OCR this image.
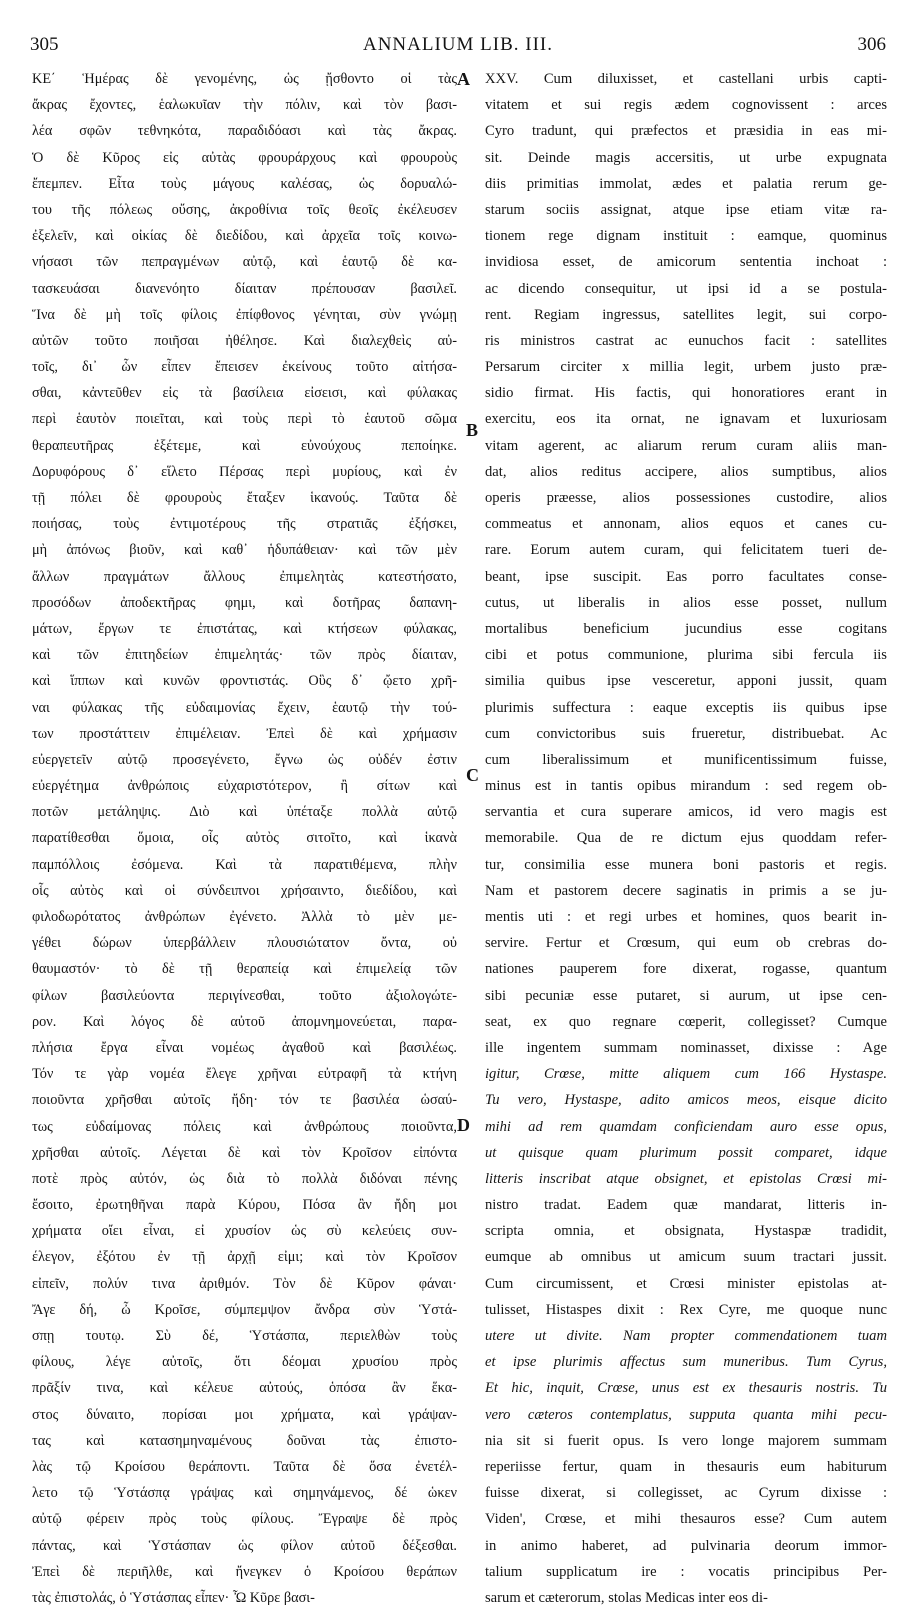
305	ANNALIUM LIB. III.	306
ΚΕ΄ Ἡμέρας δὲ γενομένης, ὡς ᾔσθοντο οἱ τὰς
ἄκρας ἔχοντες, ἑαλωκυῖαν τὴν πόλιν, καὶ τὸν βασι-
λέα σφῶν τεθνηκότα, παραδιδόασι καὶ τὰς ἄκρας.
Ὁ δὲ Κῦρος εἰς αὐτὰς φρουράρχους καὶ φρουροὺς
ἔπεμπεν. Εἶτα τοὺς μάγους καλέσας, ὡς δορυαλώ-
του τῆς πόλεως οὔσης, ἀκροθίνια τοῖς θεοῖς ἐκέλευσεν
ἐξελεῖν, καὶ οἰκίας δὲ διεδίδου, καὶ ἀρχεῖα τοῖς κοινω-
νήσασι τῶν πεπραγμένων αὐτῷ, καὶ ἑαυτῷ δὲ κα-
τασκευάσαι διανενόητο δίαιταν πρέπουσαν βασιλεῖ.
Ἵνα δὲ μὴ τοῖς φίλοις ἐπίφθονος γένηται, σὺν γνώμῃ
αὐτῶν τοῦτο ποιῆσαι ἠθέλησε. Καὶ διαλεχθεὶς αὐ-
τοῖς, δι᾽ ὧν εἶπεν ἔπεισεν ἐκείνους τοῦτο αἰτήσα-
σθαι, κἀντεῦθεν εἰς τὰ βασίλεια εἰσεισι, καὶ φύλακας
περὶ ἑαυτὸν ποιεῖται, καὶ τοὺς περὶ τὸ ἑαυτοῦ σῶμα
θεραπευτῆρας ἐξέτεμε, καὶ εὐνούχους πεποίηκε.
Δορυφόρους δ᾽ εἵλετο Πέρσας περὶ μυρίους, καὶ ἐν
τῇ πόλει δὲ φρουροὺς ἔταξεν ἱκανούς. Ταῦτα δὲ
ποιήσας, τοὺς ἐντιμοτέρους τῆς στρατιᾶς ἐξήσκει,
μὴ ἀπόνως βιοῦν, καὶ καθ᾽ ἡδυπάθειαν· καὶ τῶν μὲν
ἄλλων πραγμάτων ἄλλους ἐπιμελητὰς κατεστήσατο,
προσόδων ἀποδεκτῆρας φημι, καὶ δοτῆρας δαπανη-
μάτων, ἔργων τε ἐπιστάτας, καὶ κτήσεων φύλακας,
καὶ τῶν ἐπιτηδείων ἐπιμελητάς· τῶν πρὸς δίαιταν,
καὶ ἵππων καὶ κυνῶν φροντιστάς. Οὓς δ᾽ ᾤετο χρῆ-
ναι φύλακας τῆς εὐδαιμονίας ἔχειν, ἑαυτῷ τὴν τού-
των προστάττειν ἐπιμέλειαν. Ἐπεὶ δὲ καὶ χρήμασιν
εὐεργετεῖν αὐτῷ προσεγένετο, ἔγνω ὡς οὐδέν ἐστιν
εὐεργέτημα ἀνθρώποις εὐχαριστότερον, ἢ σίτων καὶ
ποτῶν μετάληψις. Διὸ καὶ ὑπέταξε πολλὰ αὐτῷ
παρατίθεσθαι ὅμοια, οἷς αὐτὸς σιτοῖτο, καὶ ἱκανὰ
παμπόλλοις ἐσόμενα. Καὶ τὰ παρατιθέμενα, πλὴν
οἷς αὐτὸς καὶ οἱ σύνδειπνοι χρήσαιντο, διεδίδου, καὶ
φιλοδωρότατος ἀνθρώπων ἐγένετο. Ἀλλὰ τὸ μὲν με-
γέθει δώρων ὑπερβάλλειν πλουσιώτατον ὄντα, οὐ
θαυμαστόν· τὸ δὲ τῇ θεραπείᾳ καὶ ἐπιμελείᾳ τῶν
φίλων βασιλεύοντα περιγίνεσθαι, τοῦτο ἀξιολογώτε-
ρον. Καὶ λόγος δὲ αὐτοῦ ἀπομνημονεύεται, παρα-
πλήσια ἔργα εἶναι νομέως ἀγαθοῦ καὶ βασιλέως.
Τόν τε γὰρ νομέα ἔλεγε χρῆναι εὐτραφῆ τὰ κτήνη
ποιοῦντα χρῆσθαι αὐτοῖς ἤδη· τόν τε βασιλέα ὡσαύ-
τως εὐδαίμονας πόλεις καὶ ἀνθρώπους ποιοῦντα,
χρῆσθαι αὐτοῖς. Λέγεται δὲ καὶ τὸν Κροῖσον εἰπόντα
ποτὲ πρὸς αὐτόν, ὡς διὰ τὸ πολλὰ διδόναι πένης
ἔσοιτο, ἐρωτηθῆναι παρὰ Κύρου, Πόσα ἂν ἤδη μοι
χρήματα οἴει εἶναι, εἰ χρυσίον ὡς σὺ κελεύεις συν-
έλεγον, ἐξότου ἐν τῇ ἀρχῇ εἰμι; καὶ τὸν Κροῖσον
εἰπεῖν, πολύν τινα ἀριθμόν. Τὸν δὲ Κῦρον φάναι·
Ἄγε δή, ὦ Κροῖσε, σύμπεμψον ἄνδρα σὺν Ὑστά-
σπῃ τουτῳ. Σὺ δέ, Ὑστάσπα, περιελθὼν τοὺς
φίλους, λέγε αὐτοῖς, ὅτι δέομαι χρυσίου πρὸς
πρᾶξίν τινα, καὶ κέλευε αὐτούς, ὁπόσα ἂν ἕκα-
στος δύναιτο, πορίσαι μοι χρήματα, καὶ γράψαν-
τας καὶ κατασημηναμένους δοῦναι τὰς ἐπιστο-
λὰς τῷ Κροίσου θεράποντι. Ταῦτα δὲ ὅσα ἐνετέλ-
λετο τῷ Ὑστάσπᾳ γράψας καὶ σημηνάμενος, δέ ὡκεν
αὐτῷ φέρειν πρὸς τοὺς φίλους. Ἔγραψε δὲ πρὸς
πάντας, καὶ Ὑστάσπαν ὡς φίλον αὐτοῦ δέξεσθαι.
Ἐπεὶ δὲ περιῆλθε, καὶ ἤνεγκεν ὁ Κροίσου θεράπων
τὰς ἐπιστολάς, ὁ Ὑστάσπας εἶπεν· Ὦ Κῦρε βασι-
XXV. Cum diluxisset, et castellani urbis capti-
vitatem et sui regis ædem cognovissent : arces
Cyro tradunt, qui præfectos et præsidia in eas mi-
sit. Deinde magis accersitis, ut urbe expugnata
diis primitias immolat, ædes et palatia rerum ge-
starum sociis assignat, atque ipse etiam vitæ ra-
tionem rege dignam instituit : eamque, quominus
invidiosa esset, de amicorum sententia inchoat :
ac dicendo consequitur, ut ipsi id a se postula-
rent. Regiam ingressus, satellites legit, sui corpo-
ris ministros castrat ac eunuchos facit : satellites
Persarum circiter x millia legit, urbem justo præ-
sidio firmat. His factis, qui honoratiores erant in
exercitu, eos ita ornat, ne ignavam et luxuriosam
vitam agerent, ac aliarum rerum curam aliis man-
dat, alios reditus accipere, alios sumptibus, alios
operis præesse, alios possessiones custodire, alios
commeatus et annonam, alios equos et canes cu-
rare. Eorum autem curam, qui felicitatem tueri de-
beant, ipse suscipit. Eas porro facultates conse-
cutus, ut liberalis in alios esse posset, nullum
mortalibus beneficium jucundius esse cogitans
cibi et potus communione, plurima sibi fercula iis
similia quibus ipse vesceretur, apponi jussit, quam
plurimis suffectura : eaque exceptis iis quibus ipse
cum convictoribus suis frueretur, distribuebat. Ac
cum liberalissimum et munificentissimum fuisse,
minus est in tantis opibus mirandum : sed regem ob-
servantia et cura superare amicos, id vero magis est
memorabile. Qua de re dictum ejus quoddam refer-
tur, consimilia esse munera boni pastoris et regis.
Nam et pastorem decere saginatis in primis a se ju-
mentis uti : et regi urbes et homines, quos bearit in-
servire. Fertur et Crœsum, qui eum ob crebras do-
nationes pauperem fore dixerat, rogasse, quantum
sibi pecuniæ esse putaret, si aurum, ut ipse cen-
seat, ex quo regnare cœperit, collegisset? Cumque
ille ingentem summam nominasset, dixisse : Age
igitur, Crœse, mitte aliquem cum 166 Hystaspe.
Tu vero, Hystaspe, adito amicos meos, eisque dicito
mihi ad rem quamdam conficiendam auro esse opus,
ut quisque quam plurimum possit comparet, idque
litteris inscribat atque obsignet, et epistolas Crœsi mi-
nistro tradat. Eadem quæ mandarat, litteris in-
scripta omnia, et obsignata, Hystaspæ tradidit,
eumque ab omnibus ut amicum suum tractari jussit.
Cum circumissent, et Crœsi minister epistolas at-
tulisset, Histaspes dixit : Rex Cyre, me quoque nunc
utere ut divite. Nam propter commendationem tuam
et ipse plurimis affectus sum muneribus. Tum Cyrus,
Et hic, inquit, Crœse, unus est ex thesauris nostris. Tu
vero cæteros contemplatus, supputa quanta mihi pecu-
nia sit si fuerit opus. Is vero longe majorem summam
reperiisse fertur, quam in thesauris eum habiturum
fuisse dixerat, si collegisset, ac Cyrum dixisse :
Viden', Crœse, et mihi thesauros esse? Cum autem
in animo haberet, ad pulvinaria deorum immor-
talium supplicatum ire : vocatis principibus Per-
sarum et cæterorum, stolas Medicas inter eos di-
A
B
C
D
